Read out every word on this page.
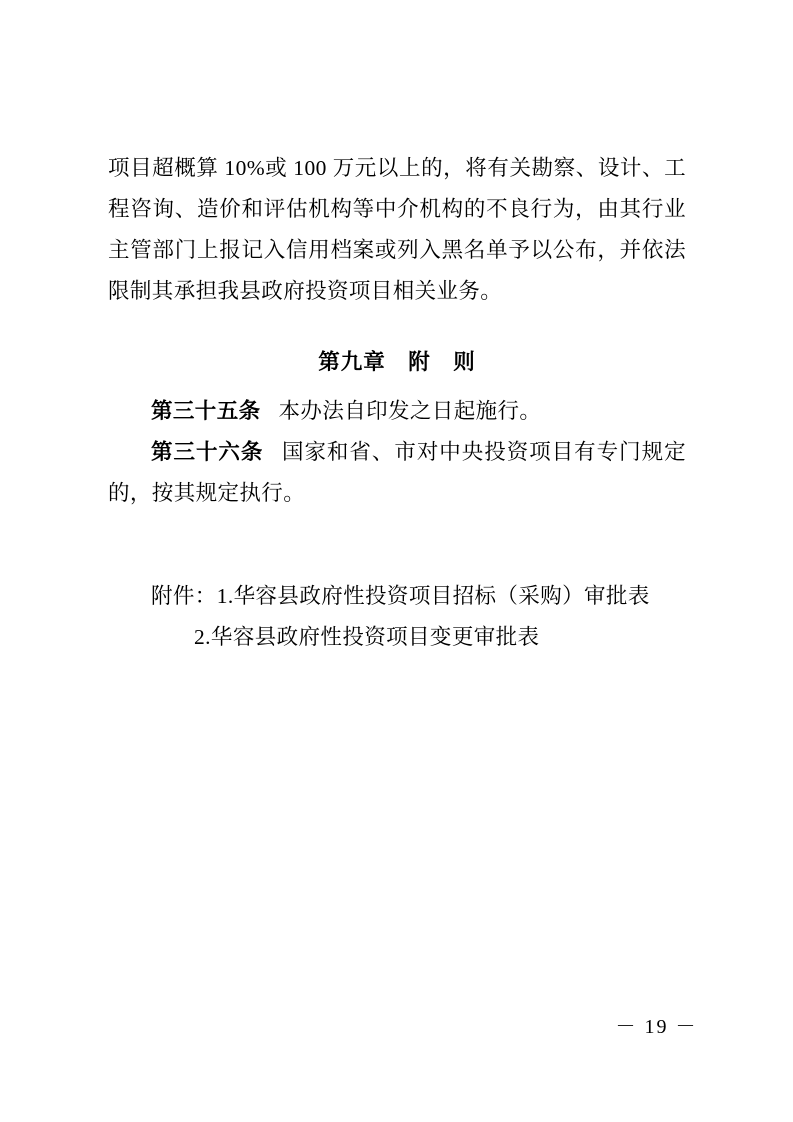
项目超概算 10%或 100 万元以上的，将有关勘察、设计、工程咨询、造价和评估机构等中介机构的不良行为，由其行业主管部门上报记入信用档案或列入黑名单予以公布，并依法限制其承担我县政府投资项目相关业务。

第九章　附　则

第三十五条 本办法自印发之日起施行。

第三十六条 国家和省、市对中央投资项目有专门规定的，按其规定执行。

附件：1.华容县政府性投资项目招标（采购）审批表

2.华容县政府性投资项目变更审批表

－ 19 －
